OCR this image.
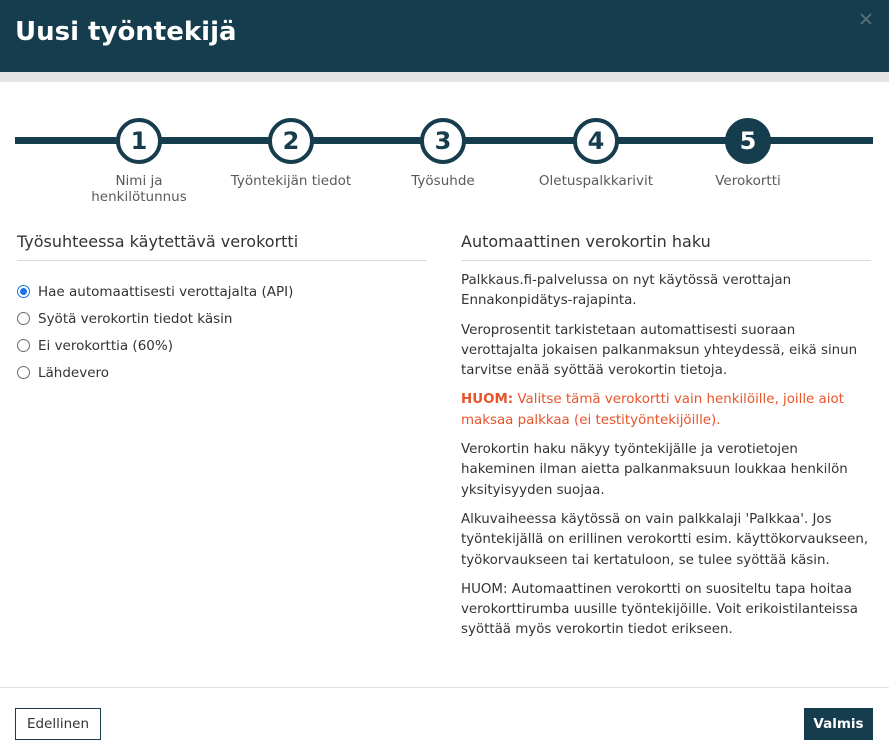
Uusi työntekijä
1
Nimi ja henkilötunnus
2
Työntekijän tiedot
3
Työsuhde
4
Oletuspalkkarivit
5
Verokortti
Työsuhteessa käytettävä verokortti
Hae automaattisesti verottajalta (API)
Syötä verokortin tiedot käsin
Ei verokorttia (60%)
Lähdevero
Automaattinen verokortin haku

Palkkaus.fi-palvelussa on nyt käytössä verottajan Ennakonpidätys-rajapinta.

Veroprosentit tarkistetaan automattisesti suoraan verottajalta jokaisen palkanmaksun yhteydessä, eikä sinun tarvitse enää syöttää verokortin tietoja.

HUOM: Valitse tämä verokortti vain henkilöille, joille aiot maksaa palkkaa (ei testityöntekijöille).

Verokortin haku näkyy työntekijälle ja verotietojen hakeminen ilman aietta palkanmaksuun loukkaa henkilön yksityisyyden suojaa.

Alkuvaiheessa käytössä on vain palkkalaji 'Palkkaa'. Jos työntekijällä on erillinen verokortti esim. käyttökorvaukseen, työkorvaukseen tai kertatuloon, se tulee syöttää käsin.

HUOM: Automaattinen verokortti on suositeltu tapa hoitaa verokorttirumba uusille työntekijöille. Voit erikoistilanteissa syöttää myös verokortin tiedot erikseen.

Edellinen	Valmis
